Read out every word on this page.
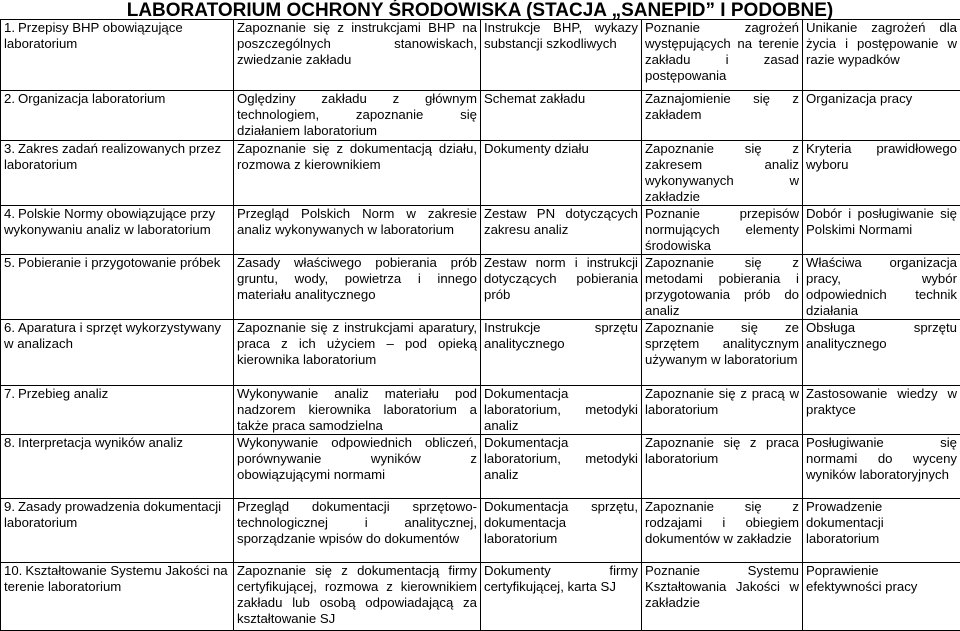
LABORATORIUM OCHRONY ŚRODOWISKA (STACJA „SANEPID” I PODOBNE)
1. Przepisy BHP obowiązujące laboratorium	Zapoznanie się z instrukcjami BHP na poszczególnych stanowiskach, zwiedzanie zakładu	Instrukcje BHP, wykazy substancji szkodliwych	Poznanie zagrożeń występujących na terenie zakładu i zasad postępowania	Unikanie zagrożeń dla życia i postępowanie w razie wypadków
2. Organizacja laboratorium	Oględziny zakładu z głównym technologiem, zapoznanie się działaniem laboratorium	Schemat zakładu	Zaznajomienie się z zakładem	Organizacja pracy
3. Zakres zadań realizowanych przez laboratorium	Zapoznanie się z dokumentacją działu, rozmowa z kierownikiem	Dokumenty działu	Zapoznanie się z zakresem analiz wykonywanych w zakładzie	Kryteria prawidłowego wyboru
4. Polskie Normy obowiązujące przy wykonywaniu analiz w laboratorium	Przegląd Polskich Norm w zakresie analiz wykonywanych w laboratorium	Zestaw PN dotyczących zakresu analiz	Poznanie przepisów normujących elementy środowiska	Dobór i posługiwanie się Polskimi Normami
5. Pobieranie i przygotowanie próbek	Zasady właściwego pobierania prób gruntu, wody, powietrza i innego materiału analitycznego	Zestaw norm i instrukcji dotyczących pobierania prób	Zapoznanie się z metodami pobierania i przygotowania prób do analiz	Właściwa organizacja pracy, wybór odpowiednich technik działania
6. Aparatura i sprzęt wykorzystywany w analizach	Zapoznanie się z instrukcjami aparatury, praca z ich użyciem – pod opieką kierownika laboratorium	Instrukcje sprzętu analitycznego	Zapoznanie się ze sprzętem analitycznym używanym w laboratorium	Obsługa sprzętu analitycznego
7. Przebieg analiz	Wykonywanie analiz materiału pod nadzorem kierownika laboratorium a także praca samodzielna	Dokumentacja laboratorium, metodyki analiz	Zapoznanie się z pracą w laboratorium	Zastosowanie wiedzy w praktyce
8. Interpretacja wyników analiz	Wykonywanie odpowiednich obliczeń, porównywanie wyników z obowiązującymi normami	Dokumentacja laboratorium, metodyki analiz	Zapoznanie się z praca laboratorium	Posługiwanie się normami do wyceny wyników laboratoryjnych
9. Zasady prowadzenia dokumentacji laboratorium	Przegląd dokumentacji sprzętowo-technologicznej i analitycznej, sporządzanie wpisów do dokumentów	Dokumentacja sprzętu, dokumentacja laboratorium	Zapoznanie się z rodzajami i obiegiem dokumentów w zakładzie	Prowadzenie dokumentacji laboratorium
10. Kształtowanie Systemu Jakości na terenie laboratorium	Zapoznanie się z dokumentacją firmy certyfikującej, rozmowa z kierownikiem zakładu lub osobą odpowiadającą za kształtowanie SJ	Dokumenty firmy certyfikującej, karta SJ	Poznanie Systemu Kształtowania Jakości w zakładzie	Poprawienie efektywności pracy
